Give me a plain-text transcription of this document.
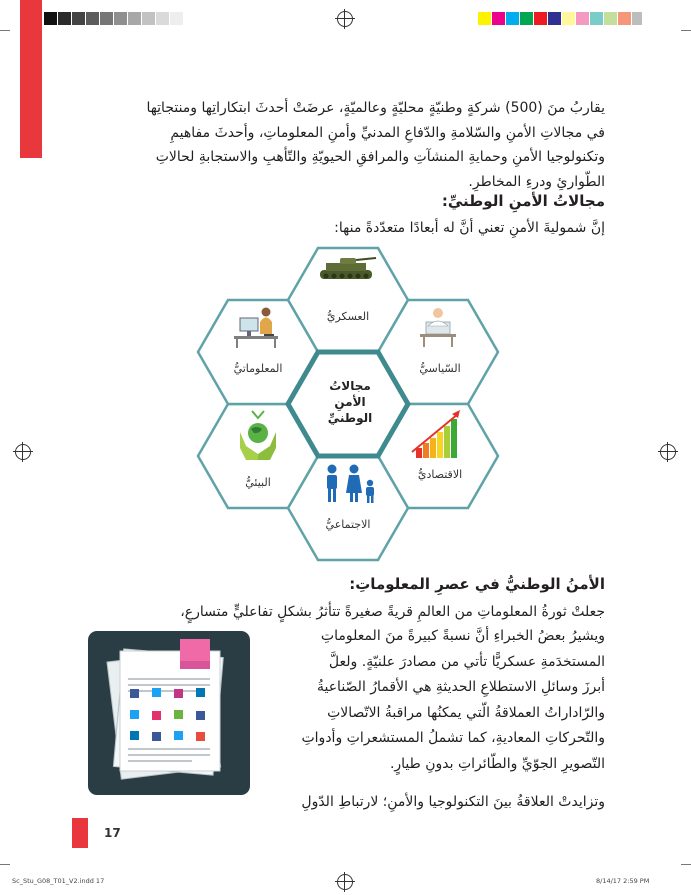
يقاربُ منَ (500) شركةٍ وطنيّةٍ محليّةٍ وعالميّةٍ، عرضَتْ أحدثَ ابتكاراتِها ومنتجاتِها
في مجالاتِ الأمنِ والسّلامةِ والدّفاعِ المدنيِّ وأمنِ المعلوماتِ، وأحدثَ مفاهيمِ
وتكنولوجيا الأمنِ وحمايةِ المنشآتِ والمرافقِ الحيويّةِ والتّأهبِ والاستجابةِ لحالاتِ
الطّوارئِ ودرءِ المخاطرِ.
مجالاتُ الأمنِ الوطنيِّ:
إنَّ شموليةَ الأمنِ تعني أنَّ له أبعادًا متعدّدةً منها:
العسكريُّ
السّياسيُّ
المعلوماتيُّ
الاقتصاديُّ
البيئيُّ
الاجتماعيُّ
مجالاتُ
الأمنِ
الوطنيِّ
الأمنُ الوطنيُّ في عصرِ المعلوماتِ:
جعلتْ ثورةُ المعلوماتِ من العالمِ قريةً صغيرةً تتأثرُ بشكلٍ تفاعليٍّ متسارعٍ،
ويشيرُ بعضُ الخبراءِ أنَّ نسبةً كبيرةً منَ المعلوماتِ
المستخدَمةِ عسكريًّا تأتي من مصادرَ علنيّةٍ. ولعلَّ
أبرزَ وسائلِ الاستطلاعِ الحديثةِ هي الأقمارُ الصّناعيةُ
والرّاداراتُ العملاقةُ الّتي يمكنُها مراقبةُ الاتّصالاتِ
والتّحركاتِ المعاديةِ، كما تشملُ المستشعراتِ وأدواتِ
التّصويرِ الجوّيِّ والطّائراتِ بدونِ طيارٍ.
وتزايدتْ العلاقةُ بينَ التكنولوجيا والأمنِ؛ لارتباطِ الدّولِ
17
Sc_Stu_G08_T01_V2.indd 17	8/14/17 2:59 PM
